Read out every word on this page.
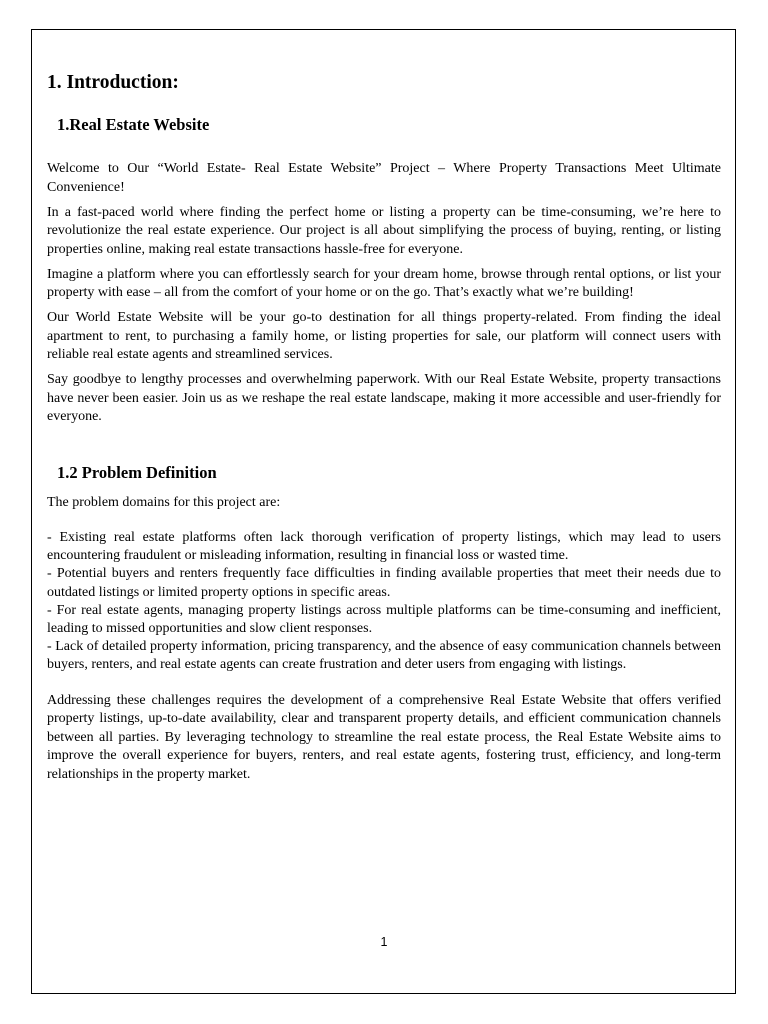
1. Introduction:
1.Real Estate Website

Welcome to Our “World Estate- Real Estate Website” Project – Where Property Transactions Meet Ultimate Convenience!

In a fast-paced world where finding the perfect home or listing a property can be time-consuming, we’re here to revolutionize the real estate experience. Our project is all about simplifying the process of buying, renting, or listing properties online, making real estate transactions hassle-free for everyone.

Imagine a platform where you can effortlessly search for your dream home, browse through rental options, or list your property with ease – all from the comfort of your home or on the go. That’s exactly what we’re building!

Our World Estate Website will be your go-to destination for all things property-related. From finding the ideal apartment to rent, to purchasing a family home, or listing properties for sale, our platform will connect users with reliable real estate agents and streamlined services.

Say goodbye to lengthy processes and overwhelming paperwork. With our Real Estate Website, property transactions have never been easier. Join us as we reshape the real estate landscape, making it more accessible and user-friendly for everyone.

1.2 Problem Definition

The problem domains for this project are:

- Existing real estate platforms often lack thorough verification of property listings, which may lead to users encountering fraudulent or misleading information, resulting in financial loss or wasted time.
- Potential buyers and renters frequently face difficulties in finding available properties that meet their needs due to outdated listings or limited property options in specific areas.
- For real estate agents, managing property listings across multiple platforms can be time-consuming and inefficient, leading to missed opportunities and slow client responses.
- Lack of detailed property information, pricing transparency, and the absence of easy communication channels between buyers, renters, and real estate agents can create frustration and deter users from engaging with listings.

Addressing these challenges requires the development of a comprehensive Real Estate Website that offers verified property listings, up-to-date availability, clear and transparent property details, and efficient communication channels between all parties. By leveraging technology to streamline the real estate process, the Real Estate Website aims to improve the overall experience for buyers, renters, and real estate agents, fostering trust, efficiency, and long-term relationships in the property market.

1
